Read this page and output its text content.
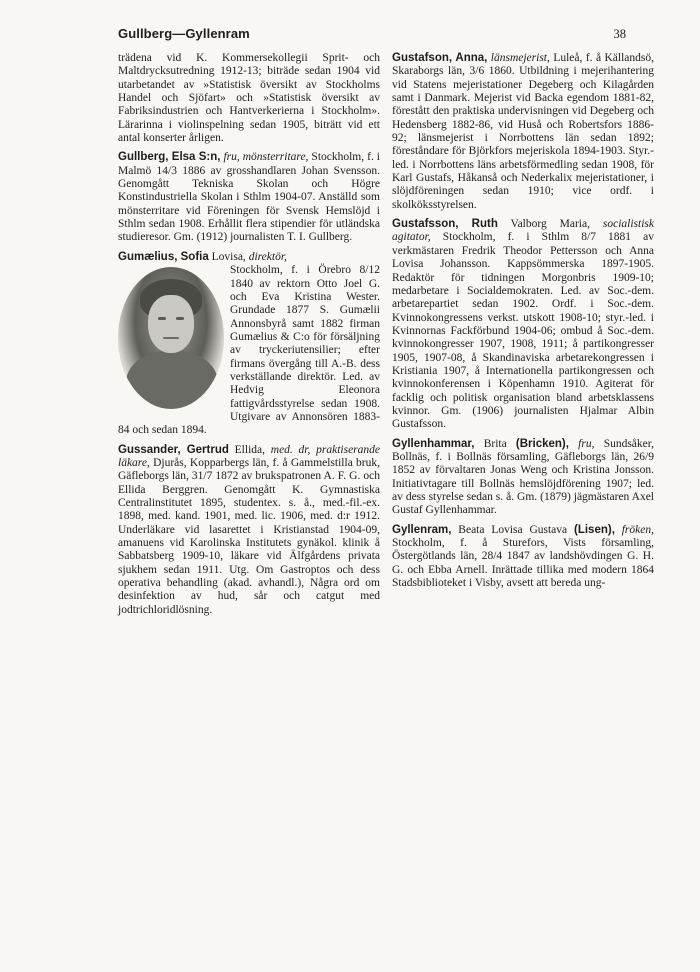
Gullberg—Gyllenram	38

trädena vid K. Kommersekollegii Sprit- och Maltdrycksutredning 1912-13; biträde sedan 1904 vid utarbetandet av »Statistisk översikt av Stockholms Handel och Sjöfart» och »Statistisk översikt av Fabriksindustrien och Hantverkerierna i Stockholm». Lärarinna i violinspelning sedan 1905, biträtt vid ett antal konserter årligen.

Gullberg, Elsa S:n, fru, mönsterritare, Stockholm, f. i Malmö 14/3 1886 av grosshandlaren Johan Svensson. Genomgått Tekniska Skolan och Högre Konstindustriella Skolan i Sthlm 1904-07. Anställd som mönsterritare vid Föreningen för Svensk Hemslöjd i Sthlm sedan 1908. Erhållit flera stipendier för utländska studieresor. Gm. (1912) journalisten T. I. Gullberg.

Gumælius, Sofia Lovisa, direktör,

Stockholm, f. i Örebro 8/12 1840 av rektorn Otto Joel G. och Eva Kristina Wester. Grundade 1877 S. Gumælii Annonsbyrå samt 1882 firman Gumælius & C:o för försäljning av tryckeriutensilier; efter firmans övergång till A.-B. dess verkställande direktör. Led. av Hedvig Eleonora fattigvårdsstyrelse sedan 1908. Utgivare av Annonsören 1883-84 och sedan 1894.

Gussander, Gertrud Ellida, med. dr, praktiserande läkare, Djurås, Kopparbergs län, f. å Gammelstilla bruk, Gäfleborgs län, 31/7 1872 av brukspatronen A. F. G. och Ellida Berggren. Genomgått K. Gymnastiska Centralinstitutet 1895, studentex. s. å., med.-fil.-ex. 1898, med. kand. 1901, med. lic. 1906, med. d:r 1912. Underläkare vid lasarettet i Kristianstad 1904-09, amanuens vid Karolinska Institutets gynäkol. klinik å Sabbatsberg 1909-10, läkare vid Älfgårdens privata sjukhem sedan 1911. Utg. Om Gastroptos och dess operativa behandling (akad. avhandl.), Några ord om desinfektion av hud, sår och catgut med jodtrichloridlösning.

Gustafson, Anna, länsmejerist, Luleå, f. å Källandsö, Skaraborgs län, 3/6 1860. Utbildning i mejerihantering vid Statens mejeristationer Degeberg och Kilagården samt i Danmark. Mejerist vid Backa egendom 1881-82, förestått den praktiska undervisningen vid Degeberg och Hedensberg 1882-86, vid Huså och Robertsfors 1886-92; länsmejerist i Norrbottens län sedan 1892; föreståndare för Björkfors mejeriskola 1894-1903. Styr.-led. i Norrbottens läns arbetsförmedling sedan 1908, för Karl Gustafs, Håkanså och Nederkalix mejeristationer, i slöjdföreningen sedan 1910; vice ordf. i skolköksstyrelsen.

Gustafsson, Ruth Valborg Maria, socialistisk agitator, Stockholm, f. i Sthlm 8/7 1881 av verkmästaren Fredrik Theodor Pettersson och Anna Lovisa Johansson. Kappsömmerska 1897-1905. Redaktör för tidningen Morgonbris 1909-10; medarbetare i Socialdemokraten. Led. av Soc.-dem. arbetarepartiet sedan 1902. Ordf. i Soc.-dem. Kvinnokongressens verkst. utskott 1908-10; styr.-led. i Kvinnornas Fackförbund 1904-06; ombud å Soc.-dem. kvinnokongresser 1907, 1908, 1911; å partikongresser 1905, 1907-08, å Skandinaviska arbetarekongressen i Kristiania 1907, å Internationella partikongressen och kvinnokonferensen i Köpenhamn 1910. Agiterat för facklig och politisk organisation bland arbetsklassens kvinnor. Gm. (1906) journalisten Hjalmar Albin Gustafsson.

Gyllenhammar, Brita (Bricken), fru, Sundsåker, Bollnäs, f. i Bollnäs församling, Gäfleborgs län, 26/9 1852 av förvaltaren Jonas Weng och Kristina Jonsson. Initiativtagare till Bollnäs hemslöjdförening 1907; led. av dess styrelse sedan s. å. Gm. (1879) jägmästaren Axel Gustaf Gyllenhammar.

Gyllenram, Beata Lovisa Gustava (Lisen), fröken, Stockholm, f. å Sturefors, Vists församling, Östergötlands län, 28/4 1847 av landshövdingen G. H. G. och Ebba Arnell. Inrättade tillika med modern 1864 Stadsbiblioteket i Visby, avsett att bereda ung-
